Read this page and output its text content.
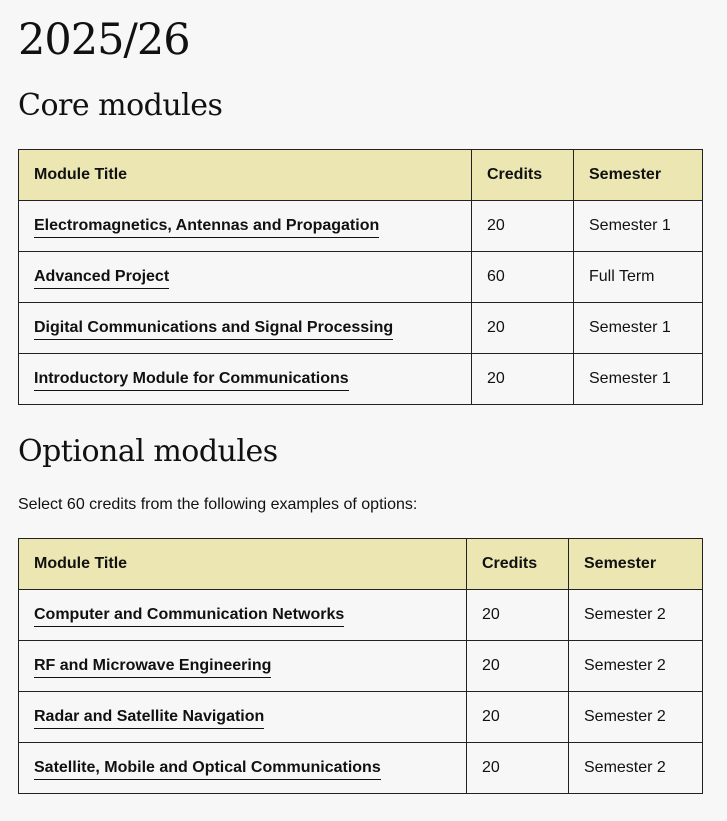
2025/26
Core modules
Module Title	Credits	Semester
Electromagnetics, Antennas and Propagation	20	Semester 1
Advanced Project	60	Full Term
Digital Communications and Signal Processing	20	Semester 1
Introductory Module for Communications	20	Semester 1
Optional modules

Select 60 credits from the following examples of options:

Module Title	Credits	Semester
Computer and Communication Networks	20	Semester 2
RF and Microwave Engineering	20	Semester 2
Radar and Satellite Navigation	20	Semester 2
Satellite, Mobile and Optical Communications	20	Semester 2
